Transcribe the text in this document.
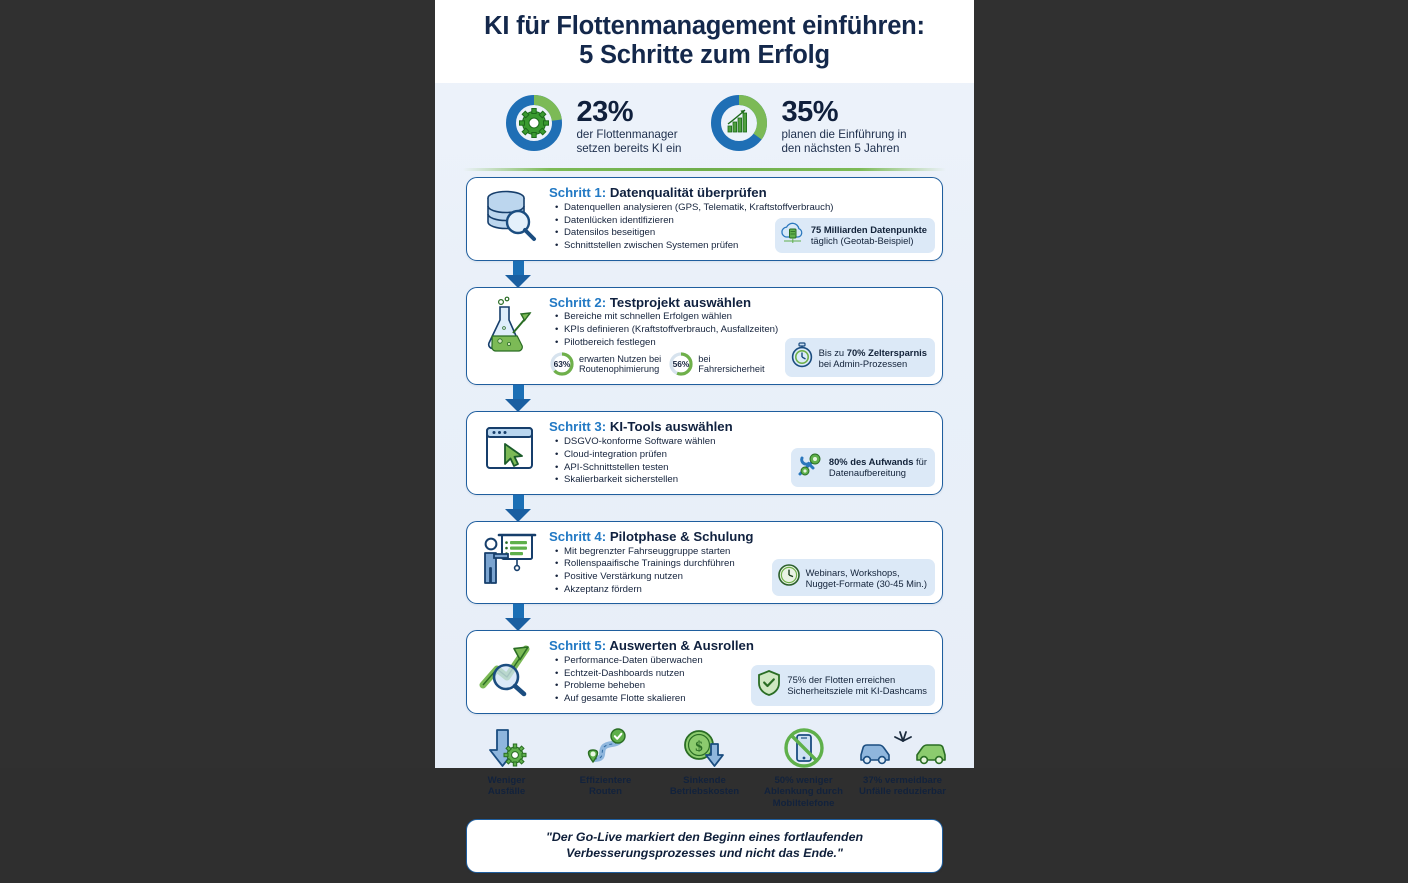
KI für Flottenmanagement einführen:
5 Schritte zum Erfolg
23%
der Flottenmanager
setzen bereits KI ein
35%
planen die Einführung in
den nächsten 5 Jahren
Schritt 1: Datenqualität überprüfen
• Datenquellen analysieren (GPS, Telematik, Kraftstoffverbrauch)
• Datenlücken identlfizieren
• Datensilos beseitigen
• Schnittstellen zwischen Systemen prüfen
75 Milliarden Datenpunkte
täglich (Geotab-Beispiel)
Schritt 2: Testprojekt auswählen
• Bereiche mit schnellen Erfolgen wählen
• KPIs definieren (Kraftstoffverbrauch, Ausfallzeiten)
• Pilotbereich festlegen
63%
erwarten Nutzen bei
Routenophimierung 56%
bei
Fahrersicherheit
Bis zu 70% Zeltersparnis
bei Admin-Prozessen
Schritt 3: KI-Tools auswählen
• DSGVO-konforme Software wählen
• Cloud-integration prüfen
• API-Schnittstellen testen
• Skalierbarkeit sicherstellen
80% des Aufwands für
Datenaufbereitung
Schritt 4: Pilotphase & Schulung
• Mit begrenzter Fahrseuggruppe starten
• Rollenspaaifische Trainings durchführen
• Positive Verstärkung nutzen
• Akzeptanz fördern
Webinars, Workshops,
Nugget-Formate (30-45 Min.)
Schritt 5: Auswerten & Ausrollen
• Performance-Daten überwachen
• Echtzeit-Dashboards nutzen
• Probleme beheben
• Auf gesamte Flotte skalieren
75% der Flotten erreichen
Sicherheitsziele mit KI-Dashcams
Weniger
Ausfälle
Effizientere
Routen
$
Sinkende
Betriebskosten
50% weniger
Ablenkung durch
Mobiltelefone
37% vermeidbare
Unfälle reduzierbar
"Der Go-Live markiert den Beginn eines fortlaufenden
Verbesserungsprozesses und nicht das Ende."
